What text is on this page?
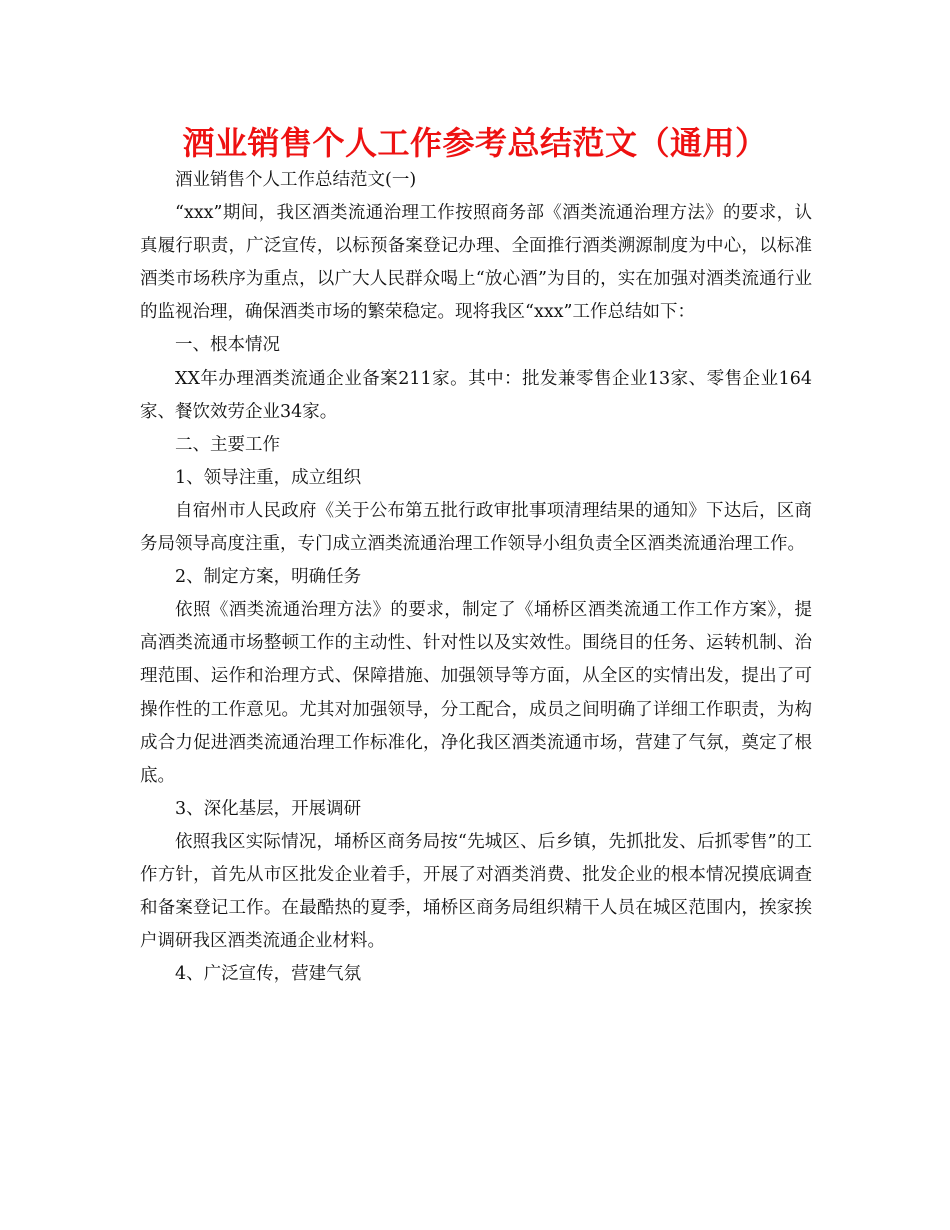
酒业销售个人工作参考总结范文（通用）

酒业销售个人工作总结范文(一)

“xxx”期间，我区酒类流通治理工作按照商务部《酒类流通治理方法》的要求，认真履行职责，广泛宣传，以标预备案登记办理、全面推行酒类溯源制度为中心，以标准酒类市场秩序为重点，以广大人民群众喝上“放心酒”为目的，实在加强对酒类流通行业的监视治理，确保酒类市场的繁荣稳定。现将我区“xxx”工作总结如下：

一、根本情况

XX年办理酒类流通企业备案211家。其中：批发兼零售企业13家、零售企业164家、餐饮效劳企业34家。

二、主要工作

1、领导注重，成立组织

自宿州市人民政府《关于公布第五批行政审批事项清理结果的通知》下达后，区商务局领导高度注重，专门成立酒类流通治理工作领导小组负责全区酒类流通治理工作。

2、制定方案，明确任务

依照《酒类流通治理方法》的要求，制定了《埇桥区酒类流通工作工作方案》，提高酒类流通市场整顿工作的主动性、针对性以及实效性。围绕目的任务、运转机制、治理范围、运作和治理方式、保障措施、加强领导等方面，从全区的实情出发，提出了可操作性的工作意见。尤其对加强领导，分工配合，成员之间明确了详细工作职责，为构成合力促进酒类流通治理工作标准化，净化我区酒类流通市场，营建了气氛，奠定了根底。

3、深化基层，开展调研

依照我区实际情况，埇桥区商务局按“先城区、后乡镇，先抓批发、后抓零售”的工作方针，首先从市区批发企业着手，开展了对酒类消费、批发企业的根本情况摸底调查和备案登记工作。在最酷热的夏季，埇桥区商务局组织精干人员在城区范围内，挨家挨户调研我区酒类流通企业材料。

4、广泛宣传，营建气氛
